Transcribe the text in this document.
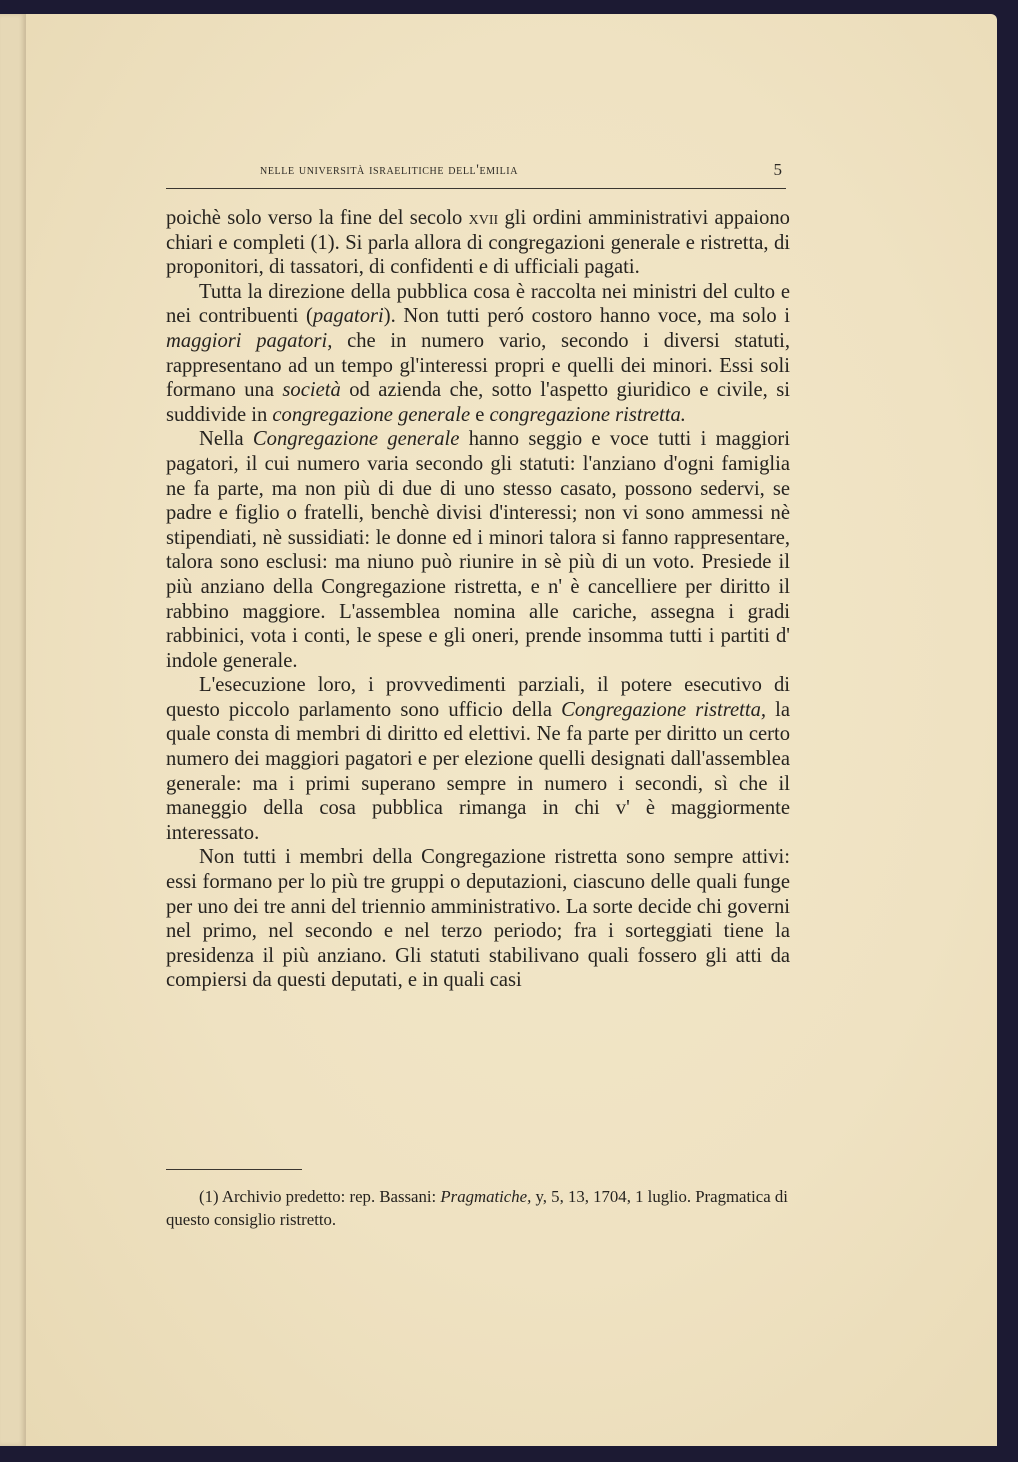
nelle università israelitiche dell'emilia	5

poichè solo verso la fine del secolo xvii gli ordini amministrativi appaiono chiari e completi (1). Si parla allora di congregazioni generale e ristretta, di proponitori, di tassatori, di confidenti e di ufficiali pagati.

Tutta la direzione della pubblica cosa è raccolta nei ministri del culto e nei contribuenti (pagatori). Non tutti peró costoro hanno voce, ma solo i maggiori pagatori, che in numero vario, secondo i diversi statuti, rappresentano ad un tempo gl'interessi propri e quelli dei minori. Essi soli formano una società od azienda che, sotto l'aspetto giuridico e civile, si suddivide in congregazione generale e congregazione ristretta.

Nella Congregazione generale hanno seggio e voce tutti i maggiori pagatori, il cui numero varia secondo gli statuti: l'anziano d'ogni famiglia ne fa parte, ma non più di due di uno stesso casato, possono sedervi, se padre e figlio o fratelli, benchè divisi d'interessi; non vi sono ammessi nè stipendiati, nè sussidiati: le donne ed i minori talora si fanno rappresentare, talora sono esclusi: ma niuno può riunire in sè più di un voto. Presiede il più anziano della Congregazione ristretta, e n' è cancelliere per diritto il rabbino maggiore. L'assemblea nomina alle cariche, assegna i gradi rabbinici, vota i conti, le spese e gli oneri, prende insomma tutti i partiti d' indole generale.

L'esecuzione loro, i provvedimenti parziali, il potere esecutivo di questo piccolo parlamento sono ufficio della Congregazione ristretta, la quale consta di membri di diritto ed elettivi. Ne fa parte per diritto un certo numero dei maggiori pagatori e per elezione quelli designati dall'assemblea generale: ma i primi superano sempre in numero i secondi, sì che il maneggio della cosa pubblica rimanga in chi v' è maggiormente interessato.

Non tutti i membri della Congregazione ristretta sono sempre attivi: essi formano per lo più tre gruppi o deputazioni, ciascuno delle quali funge per uno dei tre anni del triennio amministrativo. La sorte decide chi governi nel primo, nel secondo e nel terzo periodo; fra i sorteggiati tiene la presidenza il più anziano. Gli statuti stabilivano quali fossero gli atti da compiersi da questi deputati, e in quali casi

(1) Archivio predetto: rep. Bassani: Pragmatiche, y, 5, 13, 1704, 1 luglio. Pragmatica di questo consiglio ristretto.
